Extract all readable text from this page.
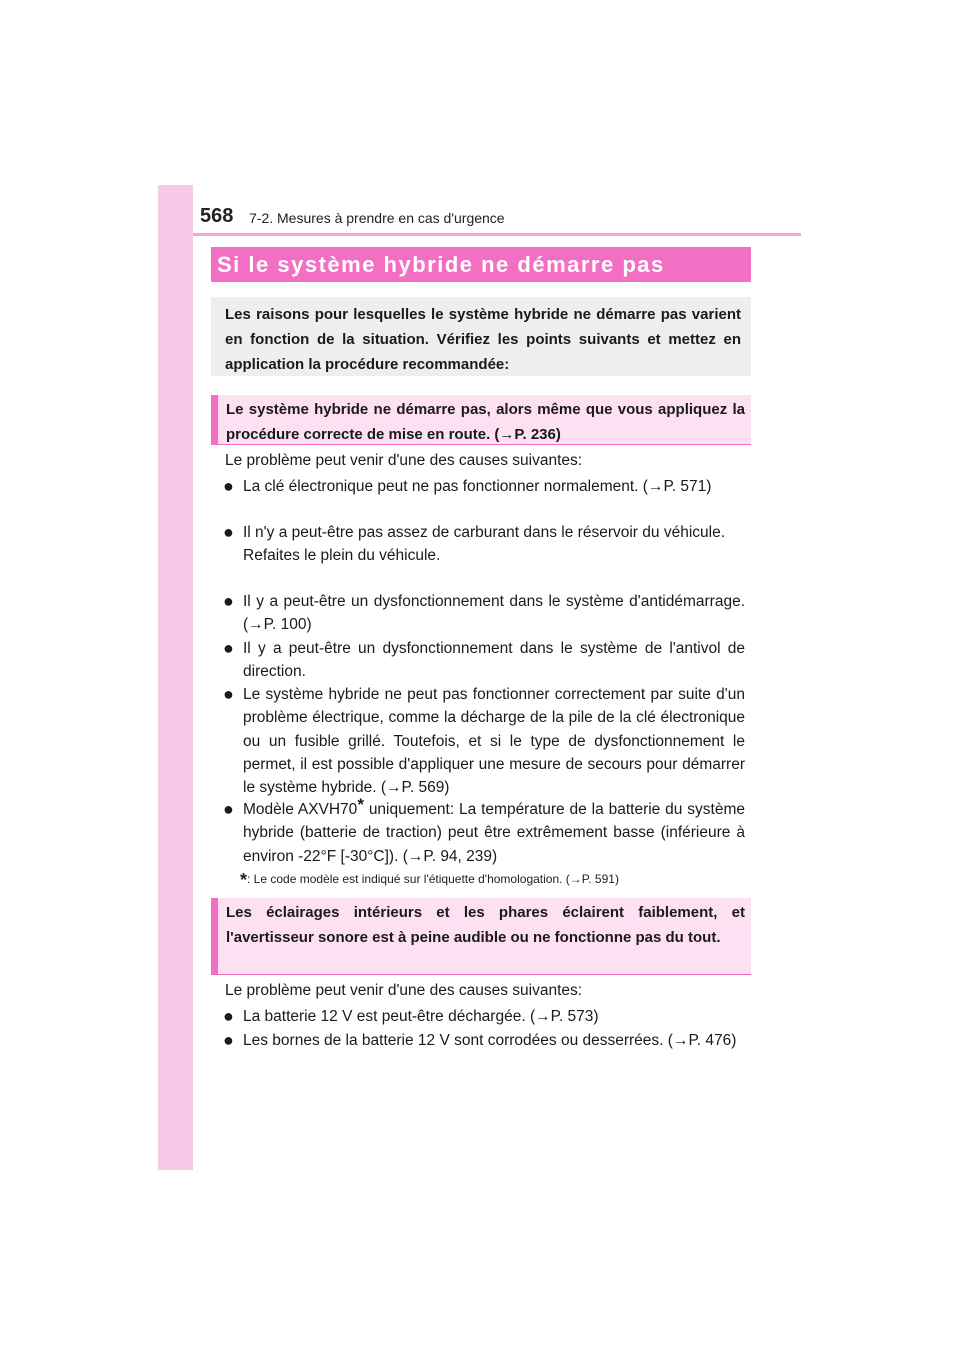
568 7-2. Mesures à prendre en cas d'urgence
Si le système hybride ne démarre pas
Les raisons pour lesquelles le système hybride ne démarre pas varient en fonction de la situation. Vérifiez les points suivants et mettez en application la procédure recommandée:
Le système hybride ne démarre pas, alors même que vous appliquez la procédure correcte de mise en route. (→P. 236)
Le problème peut venir d'une des causes suivantes:
● La clé électronique peut ne pas fonctionner normalement. (→P. 571)
● Il n'y a peut-être pas assez de carburant dans le réservoir du véhicule.
Refaites le plein du véhicule.
● Il y a peut-être un dysfonctionnement dans le système d'antidémarrage. (→P. 100)
● Il y a peut-être un dysfonctionnement dans le système de l'antivol de direction.
● Le système hybride ne peut pas fonctionner correctement par suite d'un problème électrique, comme la décharge de la pile de la clé électronique ou un fusible grillé. Toutefois, et si le type de dysfonctionnement le permet, il est possible d'appliquer une mesure de secours pour démarrer le système hybride. (→P. 569)
● Modèle AXVH70* uniquement: La température de la batterie du système hybride (batterie de traction) peut être extrêmement basse (inférieure à environ -22°F [-30°C]). (→P. 94, 239)
*: Le code modèle est indiqué sur l'étiquette d'homologation. (→P. 591)
Les éclairages intérieurs et les phares éclairent faiblement, et l'avertisseur sonore est à peine audible ou ne fonctionne pas du tout.
Le problème peut venir d'une des causes suivantes:
● La batterie 12 V est peut-être déchargée. (→P. 573)
● Les bornes de la batterie 12 V sont corrodées ou desserrées. (→P. 476)
